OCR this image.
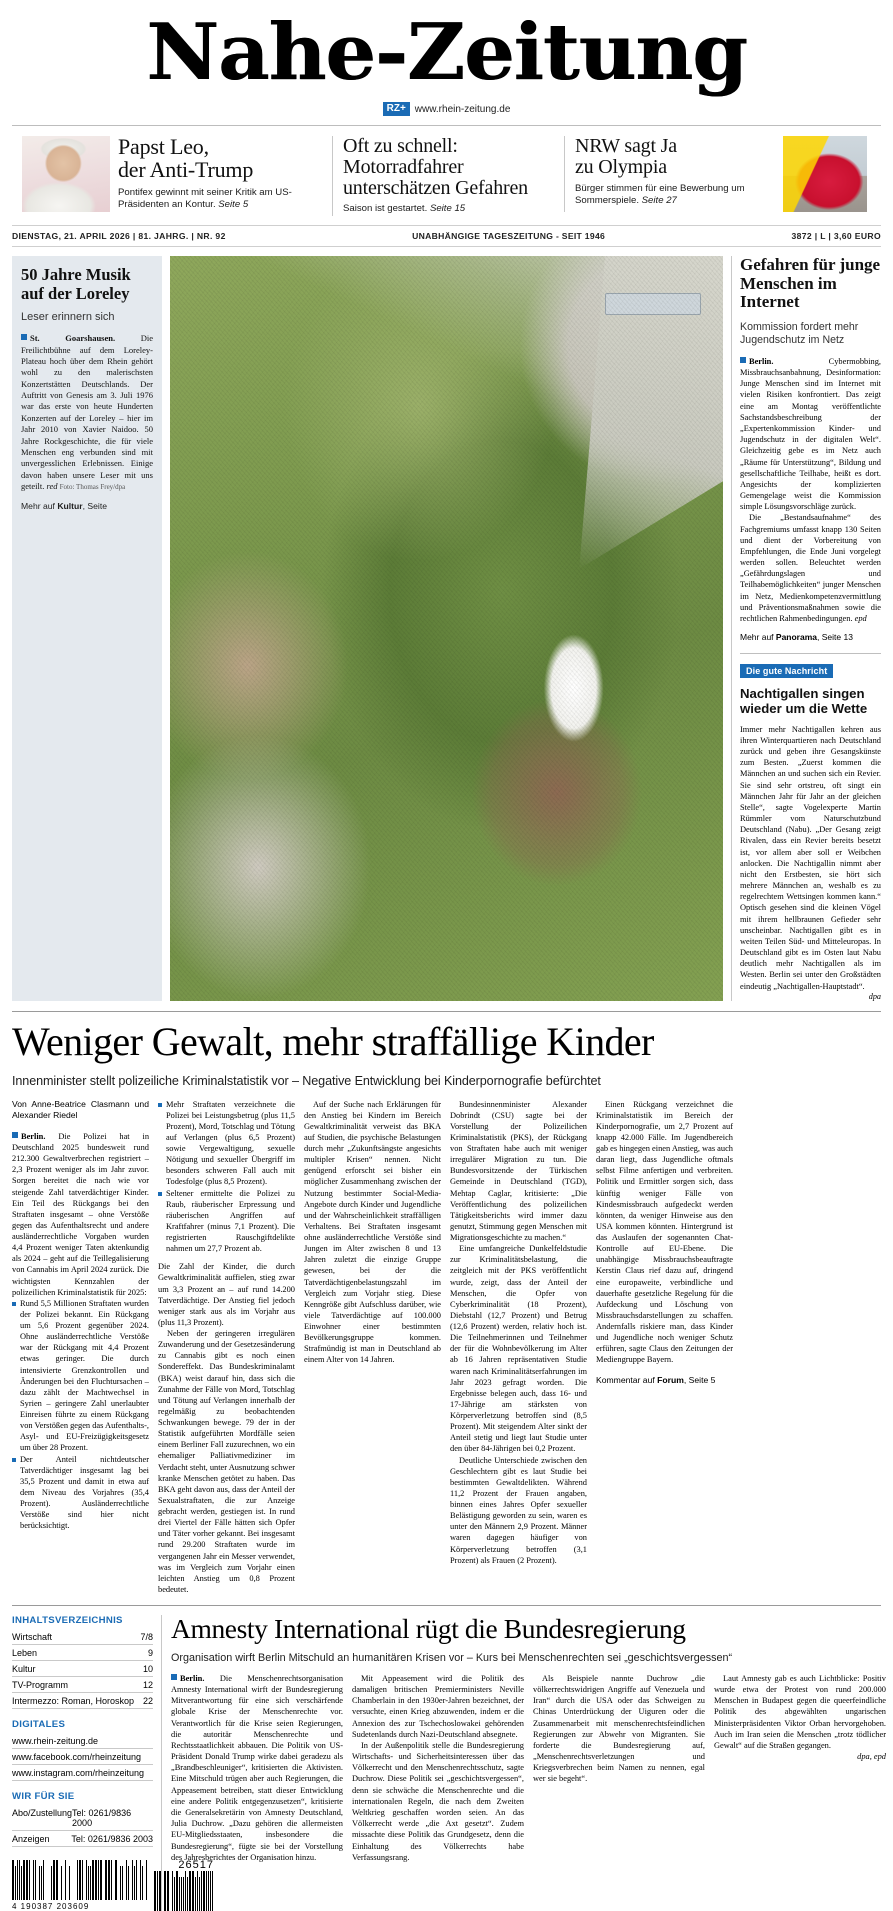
Nahe-Zeitung
RZ+ www.rhein-zeitung.de
Papst Leo,
der Anti-Trump
Pontifex gewinnt mit seiner Kritik am US-Präsidenten an Kontur. Seite 5
Oft zu schnell:
Motorradfahrer
unterschätzen Gefahren
Saison ist gestartet. Seite 15
NRW sagt Ja
zu Olympia
Bürger stimmen für eine Bewerbung um Sommerspiele. Seite 27
DIENSTAG, 21. APRIL 2026 | 81. JAHRG. | NR. 92	UNABHÄNGIGE TAGESZEITUNG - SEIT 1946	3872 | L | 3,60 EURO
50 Jahre Musik auf der Loreley
Leser erinnern sich
St. Goarshausen.	Die Freilichtbühne auf dem Loreley-Plateau hoch über dem Rhein gehört wohl zu den malerischsten Konzertstätten Deutschlands. Der Auftritt von Genesis am 3. Juli 1976 war das erste von heute Hunderten Konzerten auf der Loreley – hier im Jahr 2010 von Xavier Naidoo. 50 Jahre Rockgeschichte, die für viele Menschen eng verbunden sind mit unvergesslichen Erlebnissen. Einige davon haben unsere Leser mit uns geteilt. red Foto: Thomas Frey/dpa
Mehr auf Kultur, Seite
Gefahren für junge Menschen im Internet
Kommission fordert mehr Jugendschutz im Netz

Berlin.	Cybermobbing, Missbrauchsanbahnung, Desinformation: Junge Menschen sind im Internet mit vielen Risiken konfrontiert. Das zeigt eine am Montag veröffentlichte Sachstandsbeschreibung der „Expertenkommission Kinder- und Jugendschutz in der digitalen Welt“. Gleichzeitig gebe es im Netz auch „Räume für Unterstützung“, Bildung und gesellschaftliche Teilhabe, heißt es dort. Angesichts der komplizierten Gemengelage weist die Kommission simple Lösungsvorschläge zurück.

Die „Bestandsaufnahme“ des Fachgremiums umfasst knapp 130 Seiten und dient der Vorbereitung von Empfehlungen, die Ende Juni vorgelegt werden sollen. Beleuchtet werden „Gefährdungslagen und Teilhabemöglichkeiten“ junger Menschen im Netz, Medienkompetenzvermittlung und Präventionsmaßnahmen sowie die rechtlichen Rahmenbedingungen. epd

Mehr auf Panorama, Seite 13
Die gute Nachricht
Nachtigallen singen wieder um die Wette
Immer mehr Nachtigallen kehren aus ihren Winterquartieren nach Deutschland zurück und geben ihre Gesangskünste zum Besten. „Zuerst kommen die Männchen an und suchen sich ein Revier. Sie sind sehr ortstreu, oft singt ein Männchen Jahr für Jahr an der gleichen Stelle“, sagte Vogelexperte Martin Rümmler vom Naturschutzbund Deutschland (Nabu). „Der Gesang zeigt Rivalen, dass ein Revier bereits besetzt ist, vor allem aber soll er Weibchen anlocken. Die Nachtigallin nimmt aber nicht den Erstbesten, sie hört sich mehrere Männchen an, weshalb es zu regelrechtem Wettsingen kommen kann.“ Optisch gesehen sind die kleinen Vögel mit ihrem hellbraunen Gefieder sehr unscheinbar. Nachtigallen gibt es in weiten Teilen Süd- und Mitteleuropas. In Deutschland gibt es im Osten laut Nabu deutlich mehr Nachtigallen als im Westen. Berlin sei unter den Großstädten eindeutig „Nachtigallen-Hauptstadt“.
dpa
Weniger Gewalt, mehr straffällige Kinder
Innenminister stellt polizeiliche Kriminalstatistik vor – Negative Entwicklung bei Kinderpornografie befürchtet
Von Anne-Beatrice Clasmann und Alexander Riedel

Berlin. Die Polizei hat in Deutschland 2025 bundesweit rund 212.300 Gewaltverbrechen registriert – 2,3 Prozent weniger als im Jahr zuvor. Sorgen bereitet die nach wie vor steigende Zahl tatverdächtiger Kinder. Ein Teil des Rückgangs bei den Straftaten insgesamt – ohne Verstöße gegen das Aufenthaltsrecht und andere ausländerrechtliche Vorgaben wurden 4,4 Prozent weniger Taten aktenkundig als 2024 – geht auf die Teillegalisierung von Cannabis im April 2024 zurück. Die wichtigsten Kennzahlen der polizeilichen Kriminalstatistik für 2025:

Rund 5,5 Millionen Straftaten wurden der Polizei bekannt. Ein Rückgang um 5,6 Prozent gegenüber 2024. Ohne ausländerrechtliche Verstöße war der Rückgang mit 4,4 Prozent etwas geringer. Die durch intensivierte Grenzkontrollen und Änderungen bei den Fluchtursachen – dazu zählt der Machtwechsel in Syrien – geringere Zahl unerlaubter Einreisen führte zu einem Rückgang von Verstößen gegen das Aufenthalts-, Asyl- und EU-Freizügigkeitsgesetz um über 28 Prozent.
Der Anteil nichtdeutscher Tatverdächtiger insgesamt lag bei 35,5 Prozent und damit in etwa auf dem Niveau des Vorjahres (35,4 Prozent). Ausländerrechtliche Verstöße sind hier nicht berücksichtigt.
Mehr Straftaten verzeichnete die Polizei bei Leistungsbetrug (plus 11,5 Prozent), Mord, Totschlag und Tötung auf Verlangen (plus 6,5 Prozent) sowie Vergewaltigung, sexuelle Nötigung und sexueller Übergriff im besonders schweren Fall auch mit Todesfolge (plus 8,5 Prozent).
Seltener ermittelte die Polizei zu Raub, räuberischer Erpressung und räuberischen Angriffen auf Kraftfahrer (minus 7,1 Prozent). Die registrierten Rauschgiftdelikte nahmen um 27,7 Prozent ab.

Die Zahl der Kinder, die durch Gewaltkriminalität auffielen, stieg zwar um 3,3 Prozent an – auf rund 14.200 Tatverdächtige. Der Anstieg fiel jedoch weniger stark aus als im Vorjahr aus (plus 11,3 Prozent).

Neben der geringeren irregulären Zuwanderung und der Gesetzesänderung zu Cannabis gibt es noch einen Sondereffekt. Das Bundeskriminalamt (BKA) weist darauf hin, dass sich die Zunahme der Fälle von Mord, Totschlag und Tötung auf Verlangen innerhalb der regelmäßig zu beobachtenden Schwankungen bewege. 79 der in der Statistik aufgeführten Mordfälle seien einem Berliner Fall zuzurechnen, wo ein ehemaliger Palliativmediziner im Verdacht steht, unter Ausnutzung schwer kranke Menschen getötet zu haben. Das BKA geht davon aus, dass der Anteil der Sexualstraftaten, die zur Anzeige gebracht werden, gestiegen ist. In rund drei Viertel der Fälle hätten sich Opfer und Täter vorher gekannt. Bei insgesamt rund 29.200 Straftaten wurde im vergangenen Jahr ein Messer verwendet, was im Vergleich zum Vorjahr einen leichten Anstieg um 0,8 Prozent bedeutet.

Auf der Suche nach Erklärungen für den Anstieg bei Kindern im Bereich Gewaltkriminalität verweist das BKA auf Studien, die psychische Belastungen durch mehr „Zukunftsängste angesichts multipler Krisen“ nennen. Nicht genügend erforscht sei bisher ein möglicher Zusammenhang zwischen der Nutzung bestimmter Social-Media-Angebote durch Kinder und Jugendliche und der Wahrscheinlichkeit straffälligen Verhaltens. Bei Straftaten insgesamt ohne ausländerrechtliche Verstöße sind Jungen im Alter zwischen 8 und 13 Jahren zuletzt die einzige Gruppe gewesen, bei der die Tatverdächtigenbelastungszahl im Vergleich zum Vorjahr stieg. Diese Kenngröße gibt Aufschluss darüber, wie viele Tatverdächtige auf 100.000 Einwohner einer bestimmten Bevölkerungsgruppe kommen. Strafmündig ist man in Deutschland ab einem Alter von 14 Jahren.

Bundesinnenminister Alexander Dobrindt (CSU) sagte bei der Vorstellung der Polizeilichen Kriminalstatistik (PKS), der Rückgang von Straftaten habe auch mit weniger irregulärer Migration zu tun. Die Bundesvorsitzende der Türkischen Gemeinde in Deutschland (TGD), Mehtap Caglar, kritisierte: „Die Veröffentlichung des polizeilichen Tätigkeitsberichts wird immer dazu genutzt, Stimmung gegen Menschen mit Migrationsgeschichte zu machen.“

Eine umfangreiche Dunkelfeldstudie zur Kriminalitätsbelastung, die zeitgleich mit der PKS veröffentlicht wurde, zeigt, dass der Anteil der Menschen, die Opfer von Cyberkriminalität (18 Prozent), Diebstahl (12,7 Prozent) und Betrug (12,6 Prozent) werden, relativ hoch ist. Die Teilnehmerinnen und Teilnehmer der für die Wohnbevölkerung im Alter ab 16 Jahren repräsentativen Studie waren nach Kriminalitätserfahrungen im Jahr 2023 gefragt worden. Die Ergebnisse belegen auch, dass 16- und 17-Jährige am stärksten von Körperverletzung betroffen sind (8,5 Prozent). Mit steigendem Alter sinkt der Anteil stetig und liegt laut Studie unter den über 84-Jährigen bei 0,2 Prozent.

Deutliche Unterschiede zwischen den Geschlechtern gibt es laut Studie bei bestimmten Gewaltdelikten. Während 11,2 Prozent der Frauen angaben, binnen eines Jahres Opfer sexueller Belästigung geworden zu sein, waren es unter den Männern 2,9 Prozent. Männer waren dagegen häufiger von Körperverletzung betroffen (3,1 Prozent) als Frauen (2 Prozent).

Einen Rückgang verzeichnet die Kriminalstatistik im Bereich der Kinderpornografie, um 2,7 Prozent auf knapp 42.000 Fälle. Im Jugendbereich gab es hingegen einen Anstieg, was auch daran liegt, dass Jugendliche oftmals selbst Filme anfertigen und verbreiten. Politik und Ermittler sorgen sich, dass künftig weniger Fälle von Kindesmissbrauch aufgedeckt werden könnten, da weniger Hinweise aus den USA kommen könnten. Hintergrund ist das Auslaufen der sogenannten Chat-Kontrolle auf EU-Ebene. Die unabhängige Missbrauchsbeauftragte Kerstin Claus rief dazu auf, dringend eine europaweite, verbindliche und dauerhafte gesetzliche Regelung für die Aufdeckung und Löschung von Missbrauchsdarstellungen zu schaffen. Andernfalls riskiere man, dass Kinder und Jugendliche noch weniger Schutz erführen, sagte Claus den Zeitungen der Mediengruppe Bayern.

Kommentar auf Forum, Seite 5
INHALTSVERZEICHNIS
Wirtschaft	7/8
Leben	9
Kultur	10
TV-Programm	12
Intermezzo: Roman, Horoskop 22
DIGITALES
www.rhein-zeitung.de
www.facebook.com/rheinzeitung
www.instagram.com/rheinzeitung
WIR FÜR SIE
Abo/Zustellung Tel: 0261/9836 2000
Anzeigen Tel: 0261/9836 2003
4 190387 203609
26517
Amnesty International rügt die Bundesregierung
Organisation wirft Berlin Mitschuld an humanitären Krisen vor – Kurs bei Menschenrechten sei „geschichtsvergessen“

Berlin. Die Menschenrechtsorganisation Amnesty International wirft der Bundesregierung Mitverantwortung für eine sich verschärfende globale Krise der Menschenrechte vor. Verantwortlich für die Krise seien Regierungen, die autoritär Menschenrechte und Rechtsstaatlichkeit abbauen. Die Politik von US-Präsident Donald Trump wirke dabei geradezu als „Brandbeschleuniger“, kritisierten die Aktivisten. Eine Mitschuld trügen aber auch Regierungen, die Appeasement betreiben, statt dieser Entwicklung eine andere Politik entgegenzusetzen“, kritisierte die Generalsekretärin von Amnesty Deutschland, Julia Duchrow. „Dazu gehören die allermeisten EU-Mitgliedsstaaten, insbesondere die Bundesregierung“, fügte sie bei der Vorstellung des Jahresberichtes der Organisation hinzu.

Mit Appeasement wird die Politik des damaligen britischen Premierministers Neville Chamberlain in den 1930er-Jahren bezeichnet, der versuchte, einen Krieg abzuwenden, indem er die Annexion des zur Tschechoslowakei gehörenden Sudetenlands durch Nazi-Deutschland absegnete.

In der Außenpolitik stelle die Bundesregierung Wirtschafts- und Sicherheitsinteressen über das Völkerrecht und den Menschenrechtsschutz, sagte Duchrow. Diese Politik sei „geschichtsvergessen“, denn sie schwäche die Menschenrechte und die internationalen Regeln, die nach dem Zweiten Weltkrieg geschaffen worden seien. An das Völkerrecht werde „die Axt gesetzt“. Zudem missachte diese Politik das Grundgesetz, denn die Einhaltung des Völkerrechts habe Verfassungsrang.

Als Beispiele nannte Duchrow „die völkerrechtswidrigen Angriffe auf Venezuela und Iran“ durch die USA oder das Schweigen zu Chinas Unterdrückung der Uiguren oder die Zusammenarbeit mit menschenrechtsfeindlichen Regierungen zur Abwehr von Migranten. Sie forderte die Bundesregierung auf, „Menschenrechtsverletzungen und Kriegsverbrechen beim Namen zu nennen, egal wer sie begeht“.

Laut Amnesty gab es auch Lichtblicke: Positiv wurde etwa der Protest von rund 200.000 Menschen in Budapest gegen die queerfeindliche Politik des abgewählten ungarischen Ministerpräsidenten Viktor Orban hervorgehoben. Auch im Iran seien die Menschen „trotz tödlicher Gewalt“ auf die Straßen gegangen.

dpa, epd
